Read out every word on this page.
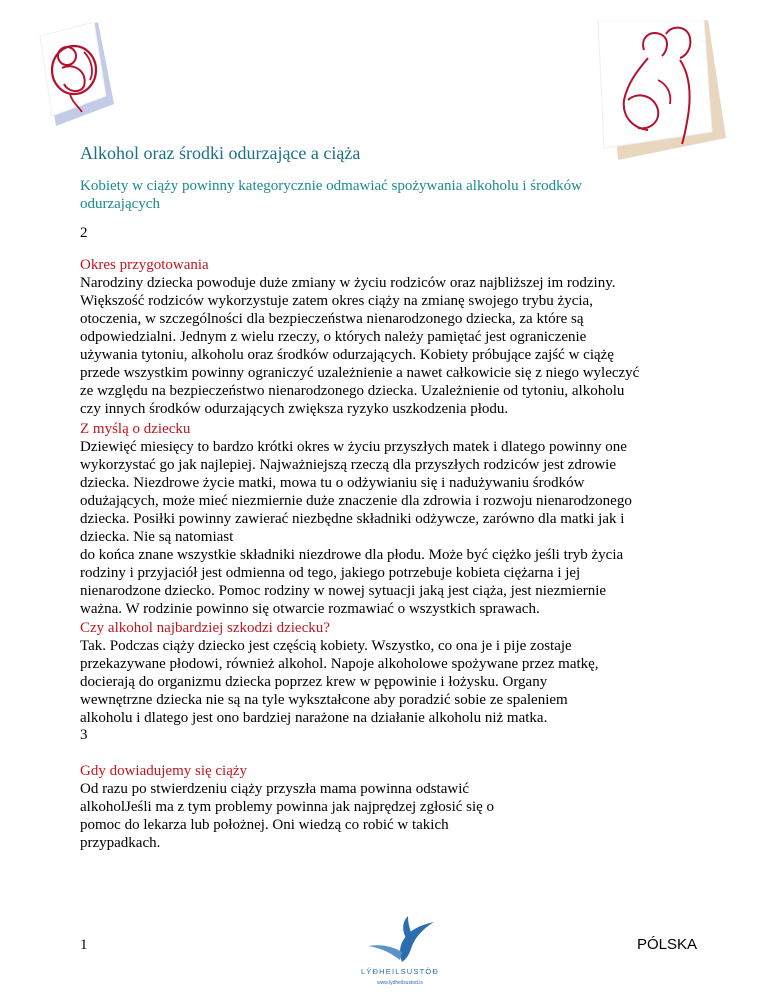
Alkohol oraz środki odurzające a ciąża

Kobiety w ciąży powinny kategorycznie odmawiać spożywania alkoholu i środków odurzających

2

Okres przygotowania

Narodziny dziecka powoduje duże zmiany w życiu rodziców oraz najbliższej im rodziny.
Większość rodziców wykorzystuje zatem okres ciąży na zmianę swojego trybu życia,
otoczenia, w szczególności dla bezpieczeństwa nienarodzonego dziecka, za które są
odpowiedzialni. Jednym z wielu rzeczy, o których należy pamiętać jest ograniczenie
używania tytoniu, alkoholu oraz środków odurzających. Kobiety próbujące zajść w ciążę
przede wszystkim powinny ograniczyć uzależnienie a nawet całkowicie się z niego wyleczyć
ze względu na bezpieczeństwo nienarodzonego dziecka. Uzależnienie od tytoniu, alkoholu
czy innych środków odurzających zwiększa ryzyko uszkodzenia płodu.

Z myślą o dziecku

Dziewięć miesięcy to bardzo krótki okres w życiu przyszłych matek i dlatego powinny one
wykorzystać go jak najlepiej. Najważniejszą rzeczą dla przyszłych rodziców jest zdrowie
dziecka. Niezdrowe życie matki, mowa tu o odżywianiu się i nadużywaniu środków
odużających, może mieć niezmiernie duże znaczenie dla zdrowia i rozwoju nienarodzonego
dziecka. Posiłki powinny zawierać niezbędne składniki odżywcze, zarówno dla matki jak i
dziecka. Nie są natomiast
do końca znane wszystkie składniki niezdrowe dla płodu. Może być ciężko jeśli tryb życia
rodziny i przyjaciół jest odmienna od tego, jakiego potrzebuje kobieta ciężarna i jej
nienarodzone dziecko. Pomoc rodziny w nowej sytuacji jaką jest ciąża, jest niezmiernie
ważna. W rodzinie powinno się otwarcie rozmawiać o wszystkich sprawach.

Czy alkohol najbardziej szkodzi dziecku?

Tak. Podczas ciąży dziecko jest częścią kobiety. Wszystko, co ona je i pije zostaje
przekazywane płodowi, również alkohol. Napoje alkoholowe spożywane przez matkę,
docierają do organizmu dziecka poprzez krew w pępowinie i łożysku. Organy
wewnętrzne dziecka nie są na tyle wykształcone aby poradzić sobie ze spaleniem
alkoholu i dlatego jest ono bardziej narażone na działanie alkoholu niż matka.

3

Gdy dowiadujemy się ciąży

Od razu po stwierdzeniu ciąży przyszła mama powinna odstawić
alkoholJeśli ma z tym problemy powinna jak najprędzej zgłosić się o
pomoc do lekarza lub położnej. Oni wiedzą co robić w takich
przypadkach.

1
LÝÐHEILSUSTÖÐ
www.lydheilsustod.is
PÓLSKA
